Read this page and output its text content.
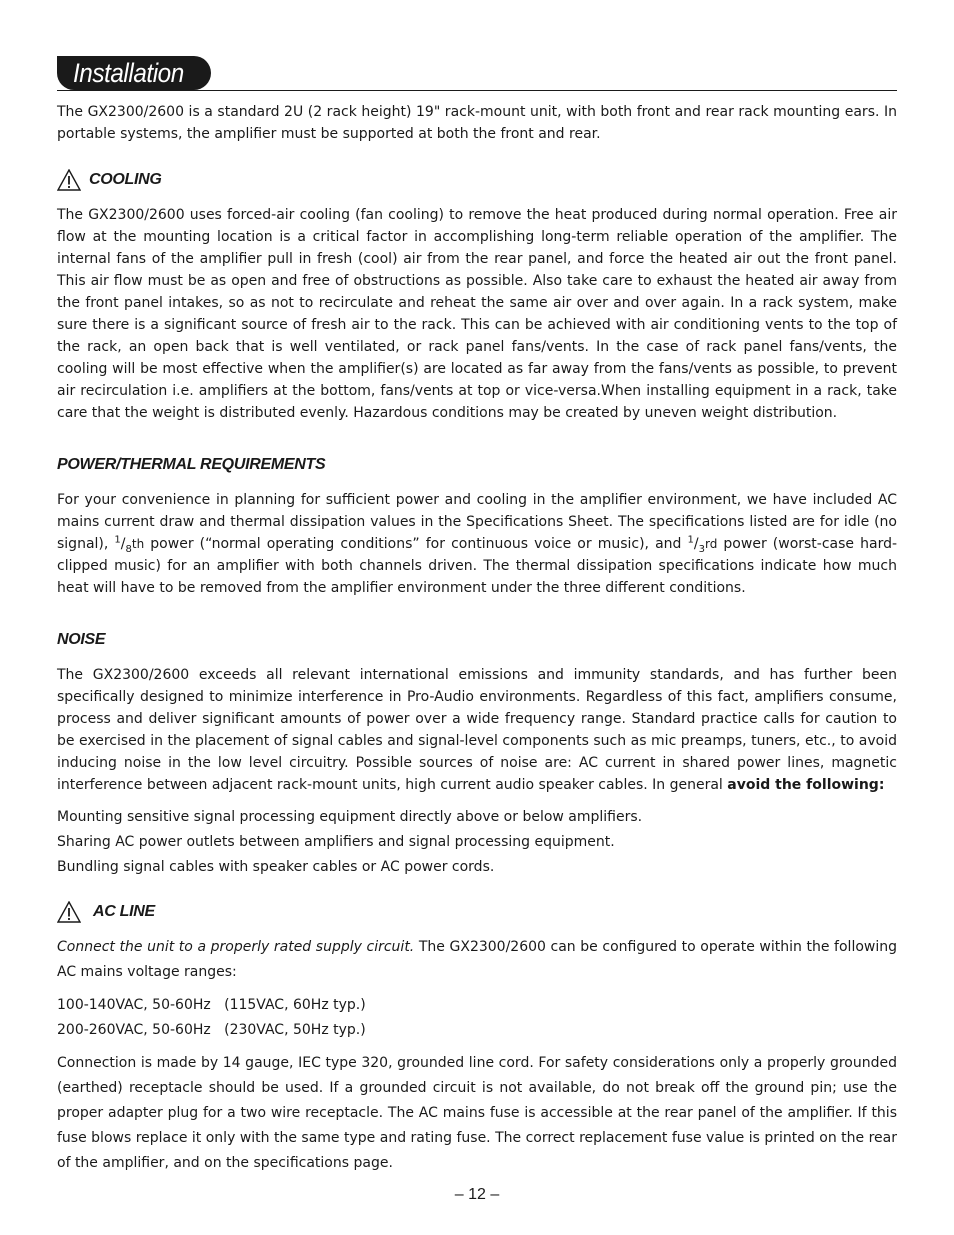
Installation

The GX2300/2600 is a standard 2U (2 rack height) 19" rack-mount unit, with both front and rear rack mounting ears. In portable systems, the amplifier must be supported at both the front and rear.

COOLING

The GX2300/2600 uses forced-air cooling (fan cooling) to remove the heat produced during normal operation. Free air flow at the mounting location is a critical factor in accomplishing long-term reliable operation of the amplifier. The internal fans of the amplifier pull in fresh (cool) air from the rear panel, and force the heated air out the front panel. This air flow must be as open and free of obstructions as possible. Also take care to exhaust the heated air away from the front panel intakes, so as not to recirculate and reheat the same air over and over again. In a rack system, make sure there is a significant source of fresh air to the rack. This can be achieved with air conditioning vents to the top of the rack, an open back that is well ventilated, or rack panel fans/vents. In the case of rack panel fans/vents, the cooling will be most effective when the amplifier(s) are located as far away from the fans/vents as possible, to prevent air recirculation i.e. amplifiers at the bottom, fans/vents at top or vice-versa.When installing equipment in a rack, take care that the weight is distributed evenly. Hazardous conditions may be created by uneven weight distribution.

POWER/THERMAL REQUIREMENTS

For your convenience in planning for sufficient power and cooling in the amplifier environment, we have included AC mains current draw and thermal dissipation values in the Specifications Sheet. The specifications listed are for idle (no signal), $^1/_8th$ power (“normal operating conditions” for continuous voice or music), and $^1/_3rd$ power (worst-case hard-clipped music) for an amplifier with both channels driven. The thermal dissipation specifications indicate how much heat will have to be removed from the amplifier environment under the three different conditions.

NOISE

The GX2300/2600 exceeds all relevant international emissions and immunity standards, and has further been specifically designed to minimize interference in Pro-Audio environments. Regardless of this fact, amplifiers consume, process and deliver significant amounts of power over a wide frequency range. Standard practice calls for caution to be exercised in the placement of signal cables and signal-level components such as mic preamps, tuners, etc., to avoid inducing noise in the low level circuitry. Possible sources of noise are: AC current in shared power lines, magnetic interference between adjacent rack-mount units, high current audio speaker cables. In general avoid the following:

Mounting sensitive signal processing equipment directly above or below amplifiers.
Sharing AC power outlets between amplifiers and signal processing equipment.
Bundling signal cables with speaker cables or AC power cords.
AC LINE

Connect the unit to a properly rated supply circuit. The GX2300/2600 can be configured to operate within the following AC mains voltage ranges:

100-140VAC, 50-60Hz (115VAC, 60Hz typ.)
200-260VAC, 50-60Hz (230VAC, 50Hz typ.)

Connection is made by 14 gauge, IEC type 320, grounded line cord. For safety considerations only a properly grounded (earthed) receptacle should be used. If a grounded circuit is not available, do not break off the ground pin; use the proper adapter plug for a two wire receptacle. The AC mains fuse is accessible at the rear panel of the amplifier. If this fuse blows replace it only with the same type and rating fuse. The correct replacement fuse value is printed on the rear of the amplifier, and on the specifications page.

– 12 –
